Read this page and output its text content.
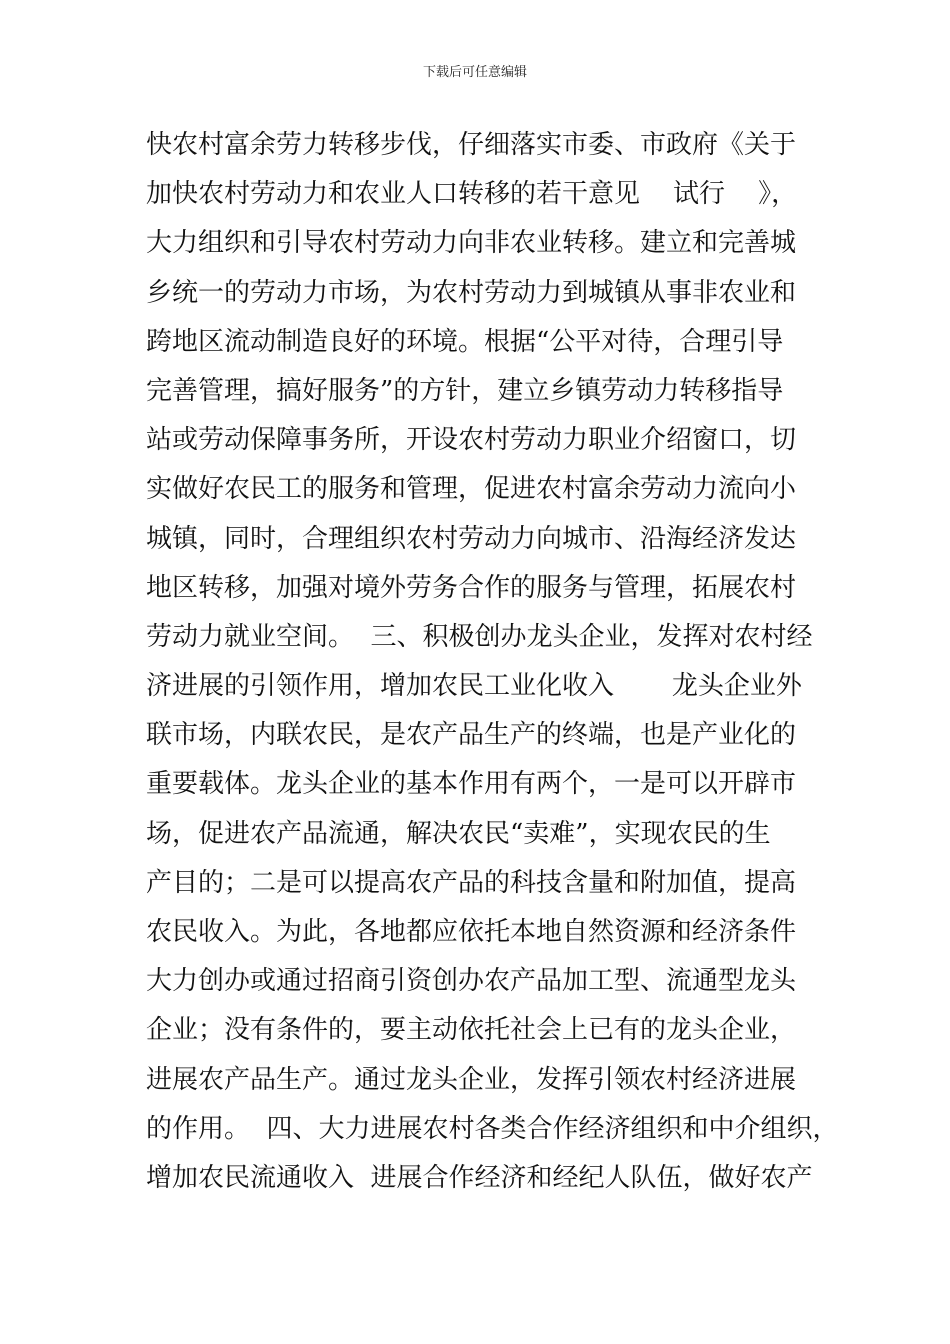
下载后可任意编辑
快农村富余劳力转移步伐，仔细落实市委、市政府《关于
加快农村劳动力和农业人口转移的若干意见    试行    》，
大力组织和引导农村劳动力向非农业转移。建立和完善城
乡统一的劳动力市场，为农村劳动力到城镇从事非农业和
跨地区流动制造良好的环境。根据“公平对待，合理引导
完善管理，搞好服务”的方针，建立乡镇劳动力转移指导
站或劳动保障事务所，开设农村劳动力职业介绍窗口，切
实做好农民工的服务和管理，促进农村富余劳动力流向小
城镇，同时，合理组织农村劳动力向城市、沿海经济发达
地区转移，加强对境外劳务合作的服务与管理，拓展农村
劳动力就业空间。  三、积极创办龙头企业，发挥对农村经
济进展的引领作用，增加农民工业化收入       龙头企业外
联市场，内联农民，是农产品生产的终端，也是产业化的
重要载体。龙头企业的基本作用有两个，一是可以开辟市
场，促进农产品流通，解决农民“卖难”，实现农民的生
产目的；二是可以提高农产品的科技含量和附加值，提高
农民收入。为此，各地都应依托本地自然资源和经济条件
大力创办或通过招商引资创办农产品加工型、流通型龙头
企业；没有条件的，要主动依托社会上已有的龙头企业，
进展农产品生产。通过龙头企业，发挥引领农村经济进展
的作用。  四、大力进展农村各类合作经济组织和中介组织，
增加农民流通收入  进展合作经济和经纪人队伍，做好农产
